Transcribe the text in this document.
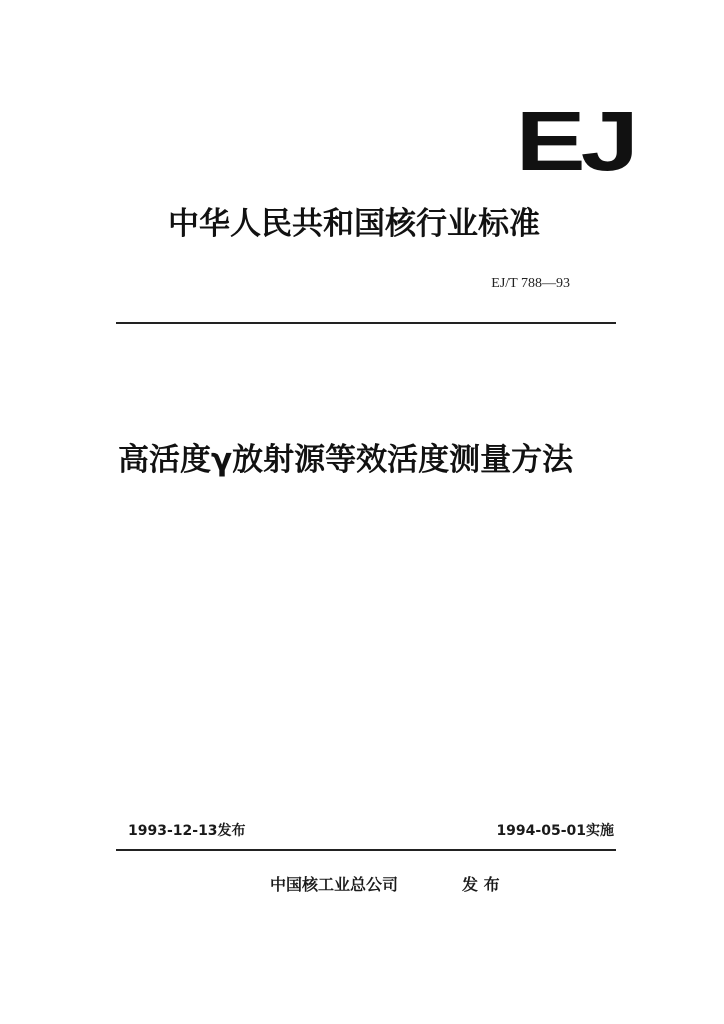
EJ
中华人民共和国核行业标准
EJ/T 788—93
高活度γ放射源等效活度测量方法
1993-12-13发布	1994-05-01实施
中国核工业总公司	发 布
